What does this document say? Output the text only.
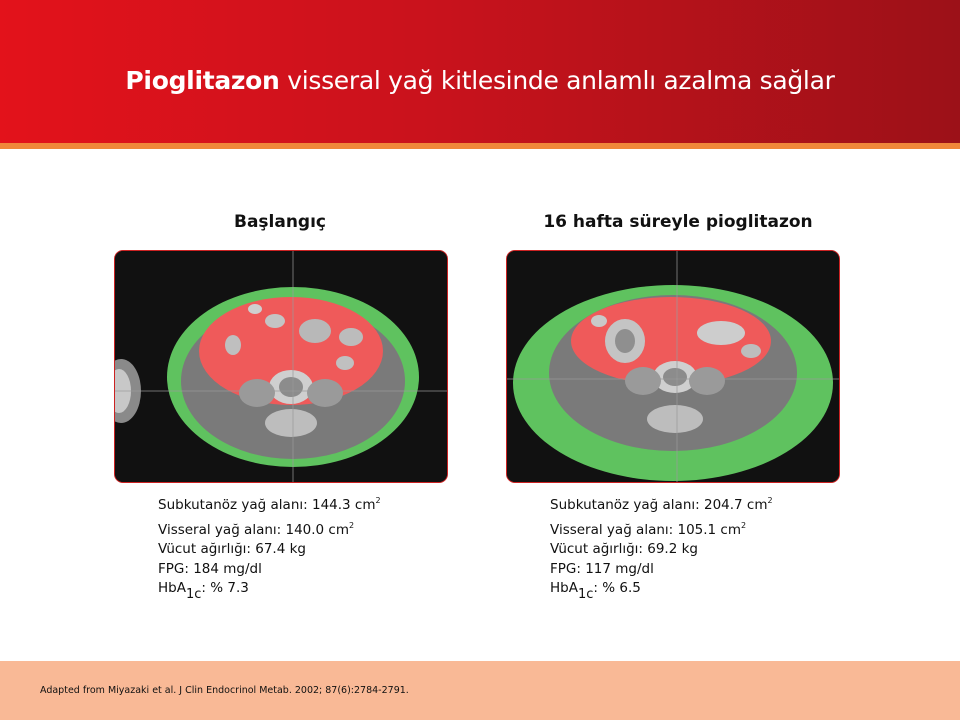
Pioglitazon visseral yağ kitlesinde anlamlı azalma sağlar
Başlangıç
Subkutanöz yağ alanı: 144.3 $cm^2$
Visseral yağ alanı: 140.0 $cm^2$
Vücut ağırlığı: 67.4 kg
FPG: 184 mg/dl
HbA$_{1c}$: % 7.3
16 hafta süreyle pioglitazon
Subkutanöz yağ alanı: 204.7 $cm^2$
Visseral yağ alanı: 105.1 $cm^2$
Vücut ağırlığı: 69.2 kg
FPG: 117 mg/dl
HbA$_{1c}$: % 6.5
Adapted from Miyazaki et al. J Clin Endocrinol Metab. 2002; 87(6):2784-2791.
